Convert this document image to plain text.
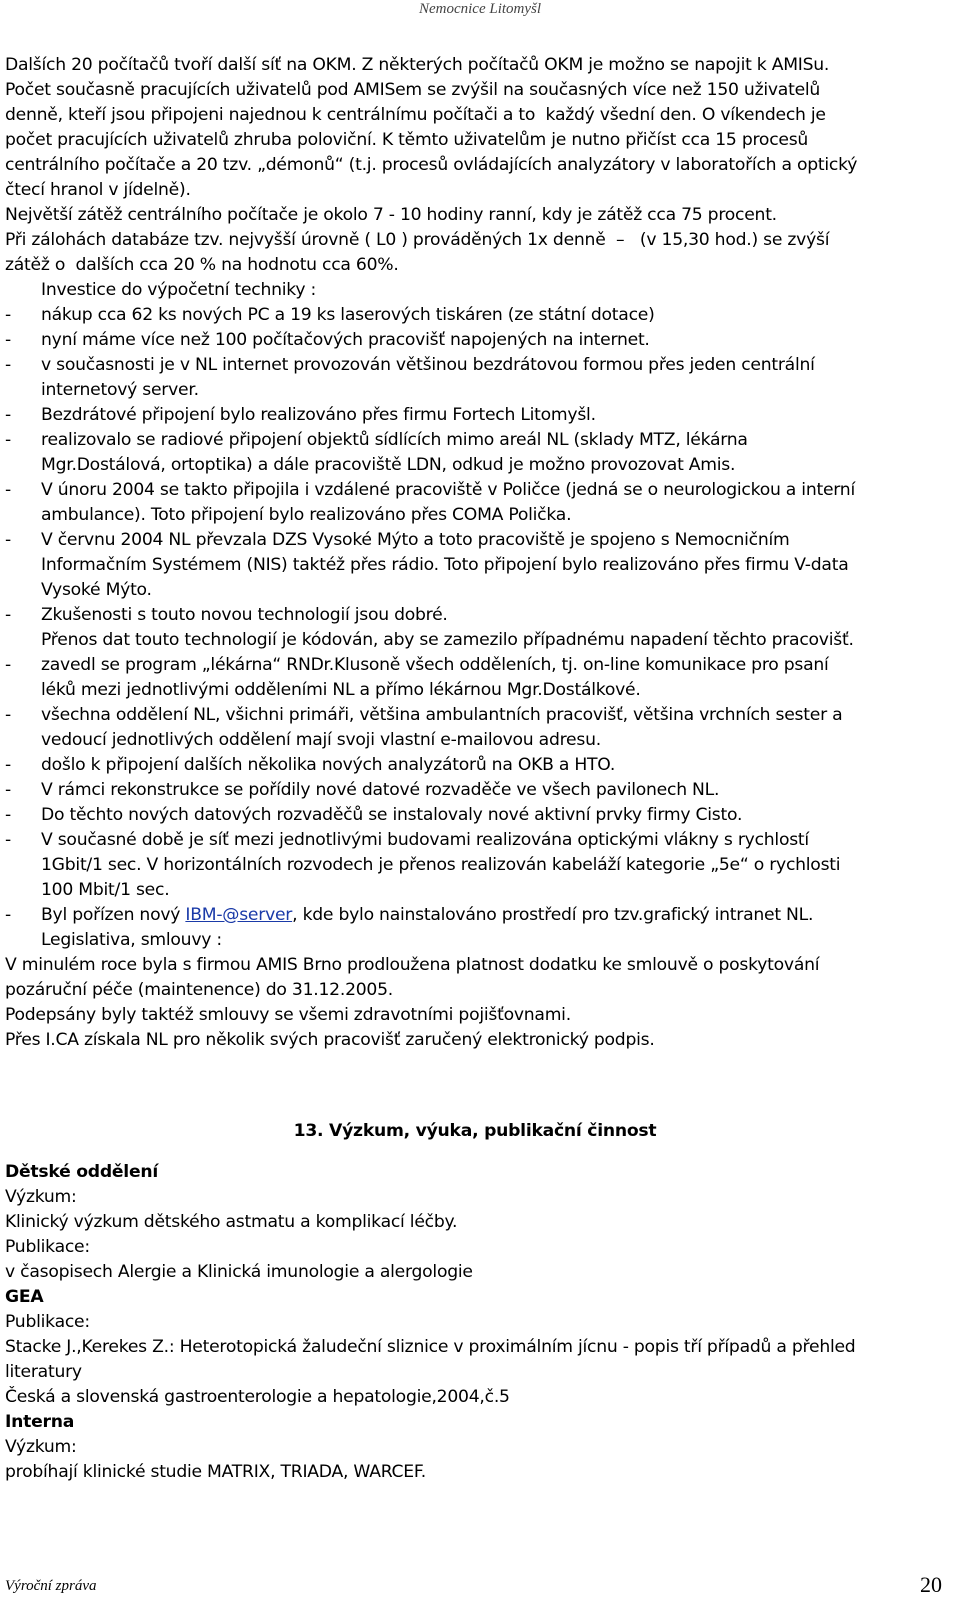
Nemocnice Litomyšl

Dalších 20 počítačů tvoří další síť na OKM. Z některých počítačů OKM je možno se napojit k AMISu.

Počet současně pracujících uživatelů pod AMISem se zvýšil na současných více než 150 uživatelů

denně, kteří jsou připojeni najednou k centrálnímu počítači a to  každý všední den. O víkendech je

počet pracujících uživatelů zhruba poloviční. K těmto uživatelům je nutno přičíst cca 15 procesů

centrálního počítače a 20 tzv. „démonů“ (t.j. procesů ovládajících analyzátory v laboratořích a optický

čtecí hranol v jídelně).

Největší zátěž centrálního počítače je okolo 7 - 10 hodiny ranní, kdy je zátěž cca 75 procent.

Při zálohách databáze tzv. nejvyšší úrovně ( L0 ) prováděných 1x denně  –   (v 15,30 hod.) se zvýší

zátěž o  dalších cca 20 % na hodnotu cca 60%.

Investice do výpočetní techniky :

-	nákup cca 62 ks nových PC a 19 ks laserových tiskáren (ze státní dotace)
-	nyní máme více než 100 počítačových pracovišť napojených na internet.
-	v současnosti je v NL internet provozován většinou bezdrátovou formou přes jeden centrální
internetový server.
-	Bezdrátové připojení bylo realizováno přes firmu Fortech Litomyšl.
-	realizovalo se radiové připojení objektů sídlících mimo areál NL (sklady MTZ, lékárna
Mgr.Dostálová, ortoptika) a dále pracoviště LDN, odkud je možno provozovat Amis.
-	V únoru 2004 se takto připojila i vzdálené pracoviště v Poličce (jedná se o neurologickou a interní
ambulance). Toto připojení bylo realizováno přes COMA Polička.
-	V červnu 2004 NL převzala DZS Vysoké Mýto a toto pracoviště je spojeno s Nemocničním
Informačním Systémem (NIS) taktéž přes rádio. Toto připojení bylo realizováno přes firmu V-data
Vysoké Mýto.
-	Zkušenosti s touto novou technologií jsou dobré.
Přenos dat touto technologií je kódován, aby se zamezilo případnému napadení těchto pracovišť.
-	zavedl se program „lékárna“ RNDr.Klusoně všech odděleních, tj. on-line komunikace pro psaní
léků mezi jednotlivými odděleními NL a přímo lékárnou Mgr.Dostálkové.
-	všechna oddělení NL, všichni primáři, většina ambulantních pracovišť, většina vrchních sester a
vedoucí jednotlivých oddělení mají svoji vlastní e-mailovou adresu.
-	došlo k připojení dalších několika nových analyzátorů na OKB a HTO.
-	V rámci rekonstrukce se pořídily nové datové rozvaděče ve všech pavilonech NL.
-	Do těchto nových datových rozvaděčů se instalovaly nové aktivní prvky firmy Cisto.
-	V současné době je síť mezi jednotlivými budovami realizována optickými vlákny s rychlostí
1Gbit/1 sec. V horizontálních rozvodech je přenos realizován kabeláží kategorie „5e“ o rychlosti
100 Mbit/1 sec.
-	Byl pořízen nový IBM-@server, kde bylo nainstalováno prostředí pro tzv.grafický intranet NL.

Legislativa, smlouvy :

V minulém roce byla s firmou AMIS Brno prodloužena platnost dodatku ke smlouvě o poskytování

pozáruční péče (maintenence) do 31.12.2005.

Podepsány byly taktéž smlouvy se všemi zdravotními pojišťovnami.

Přes I.CA získala NL pro několik svých pracovišť zaručený elektronický podpis.

13. Výzkum, výuka, publikační činnost

Dětské oddělení

Výzkum:

Klinický výzkum dětského astmatu a komplikací léčby.

Publikace:

v časopisech Alergie a Klinická imunologie a alergologie

GEA

Publikace:

Stacke J.,Kerekes Z.: Heterotopická žaludeční sliznice v proximálním jícnu - popis tří případů a přehled

literatury

Česká a slovenská gastroenterologie a hepatologie,2004,č.5

Interna

Výzkum:

probíhají klinické studie MATRIX, TRIADA, WARCEF.

Výroční zpráva	20
